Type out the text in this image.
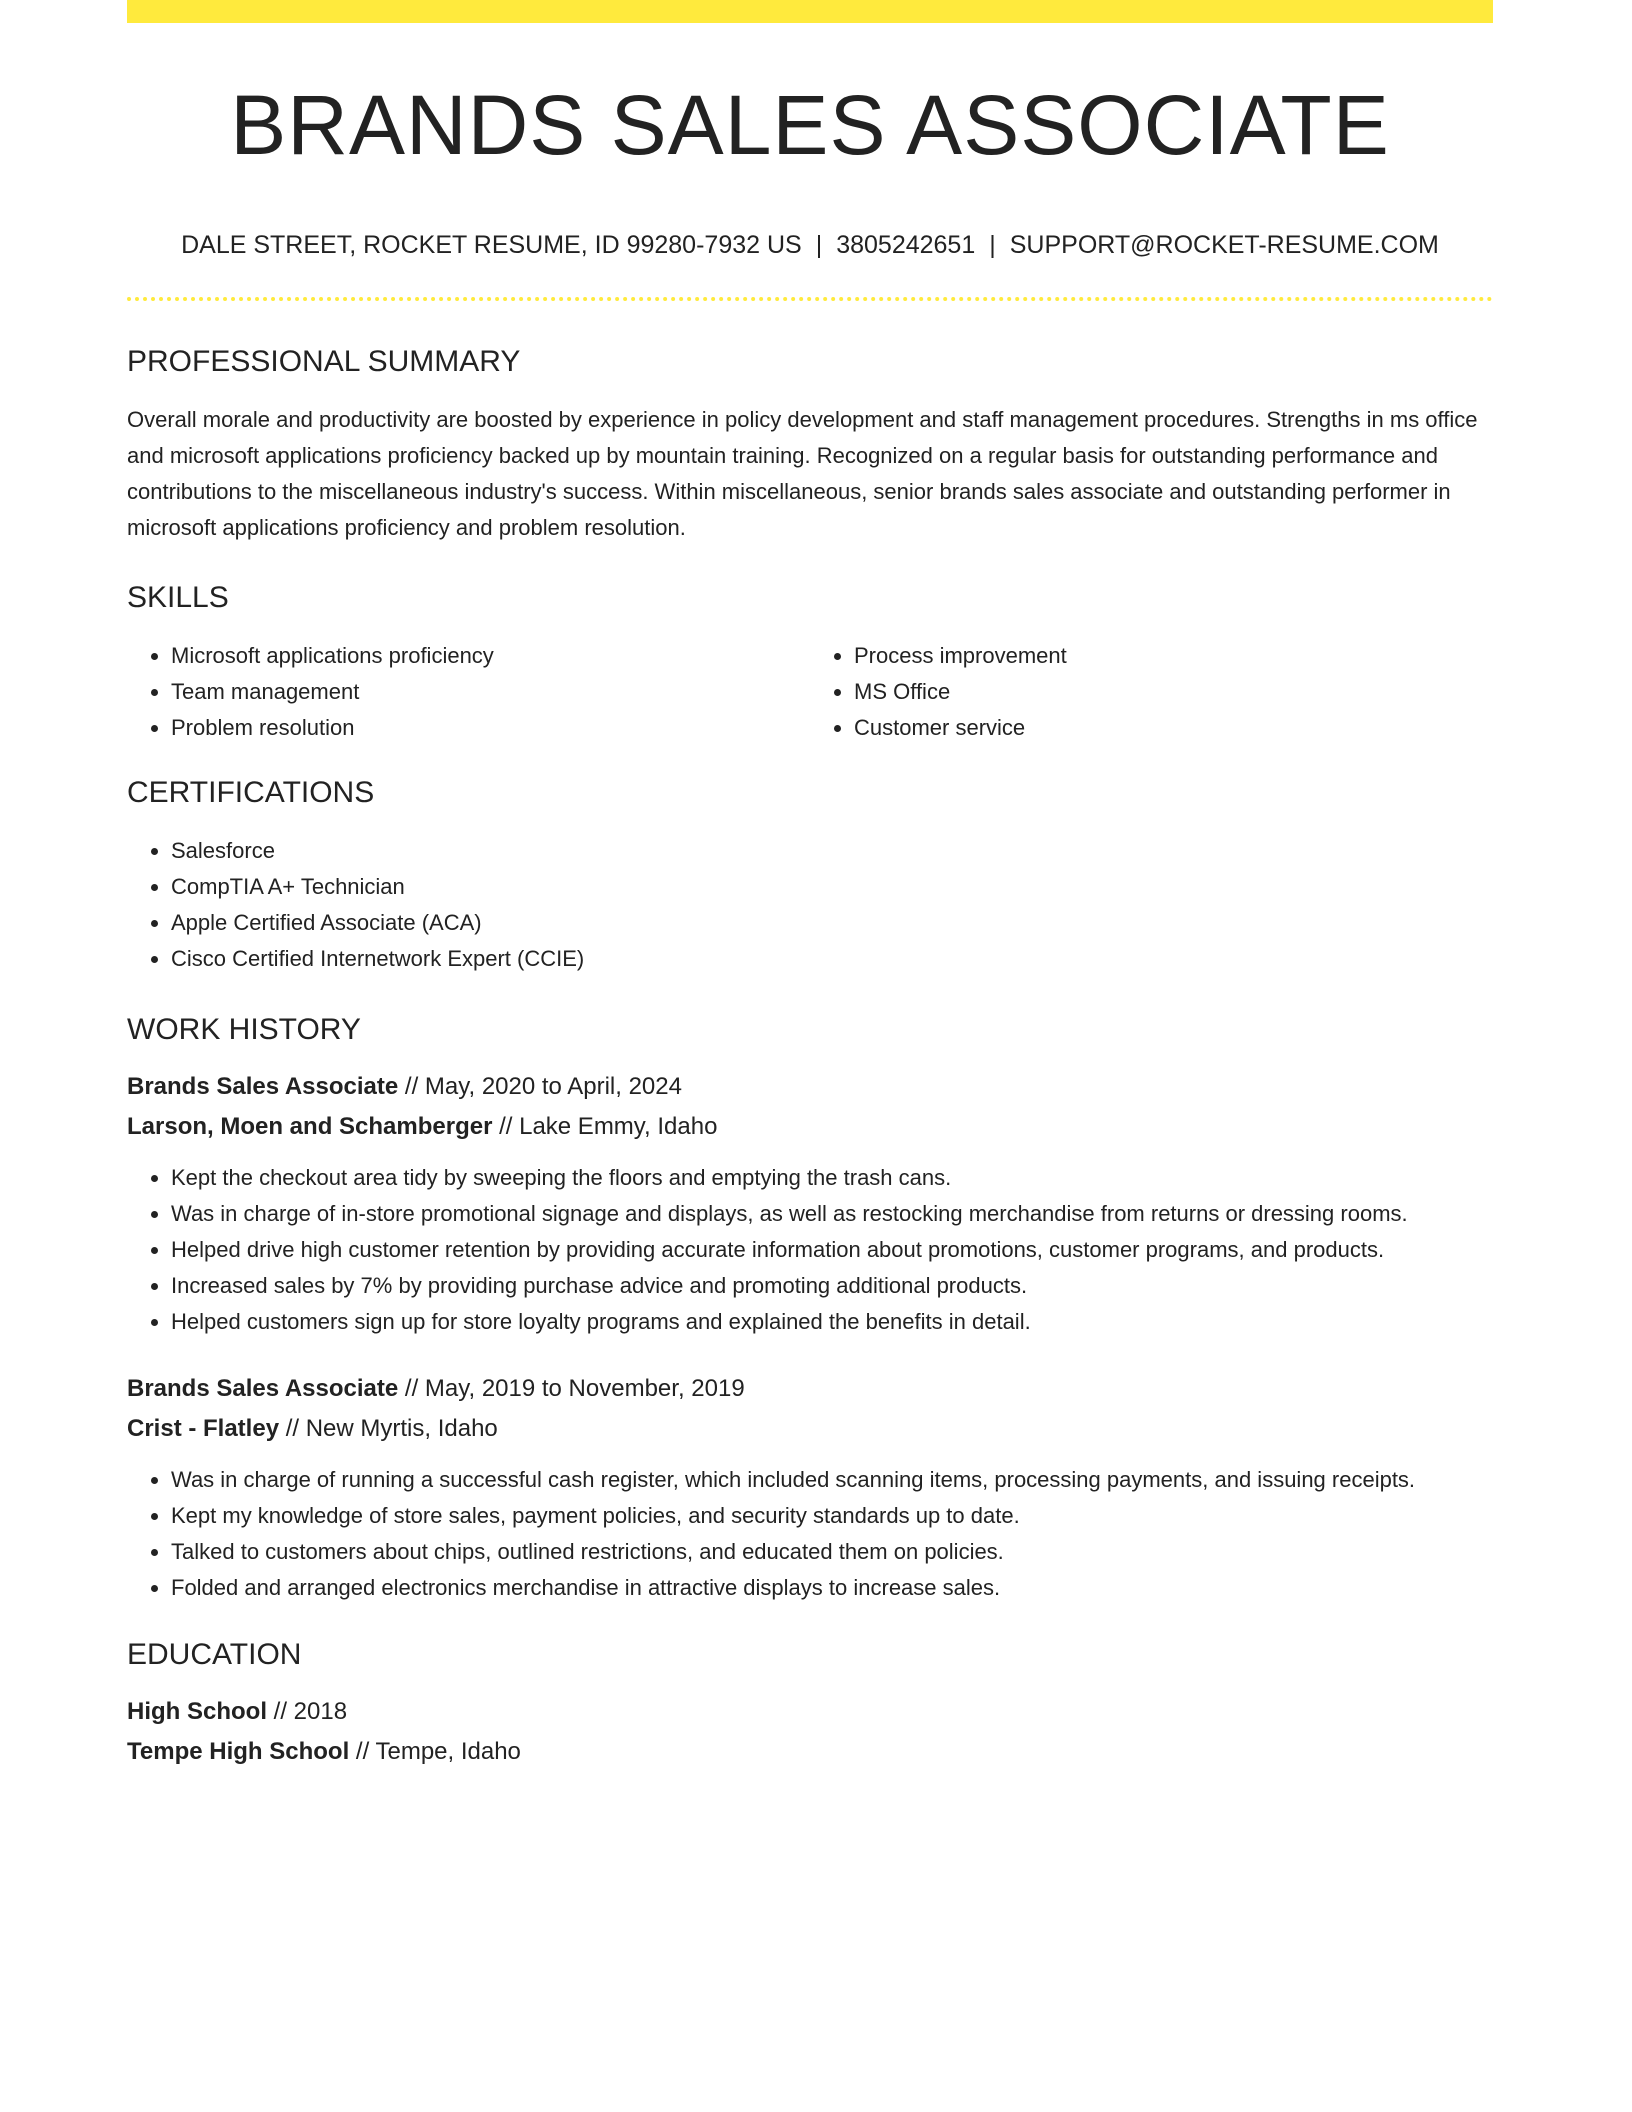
BRANDS SALES ASSOCIATE
DALE STREET, ROCKET RESUME, ID 99280-7932 US | 3805242651 | SUPPORT@ROCKET-RESUME.COM
PROFESSIONAL SUMMARY
Overall morale and productivity are boosted by experience in policy development and staff management procedures. Strengths in ms office and microsoft applications proficiency backed up by mountain training. Recognized on a regular basis for outstanding performance and contributions to the miscellaneous industry's success. Within miscellaneous, senior brands sales associate and outstanding performer in microsoft applications proficiency and problem resolution.
SKILLS
• Microsoft applications proficiency
• Team management
• Problem resolution
• Process improvement
• MS Office
• Customer service
CERTIFICATIONS
• Salesforce
• CompTIA A+ Technician
• Apple Certified Associate (ACA)
• Cisco Certified Internetwork Expert (CCIE)
WORK HISTORY
Brands Sales Associate // May, 2020 to April, 2024
Larson, Moen and Schamberger // Lake Emmy, Idaho
• Kept the checkout area tidy by sweeping the floors and emptying the trash cans.
• Was in charge of in-store promotional signage and displays, as well as restocking merchandise from returns or dressing rooms.
• Helped drive high customer retention by providing accurate information about promotions, customer programs, and products.
• Increased sales by 7% by providing purchase advice and promoting additional products.
• Helped customers sign up for store loyalty programs and explained the benefits in detail.
Brands Sales Associate // May, 2019 to November, 2019
Crist - Flatley // New Myrtis, Idaho
• Was in charge of running a successful cash register, which included scanning items, processing payments, and issuing receipts.
• Kept my knowledge of store sales, payment policies, and security standards up to date.
• Talked to customers about chips, outlined restrictions, and educated them on policies.
• Folded and arranged electronics merchandise in attractive displays to increase sales.
EDUCATION
High School // 2018
Tempe High School // Tempe, Idaho
